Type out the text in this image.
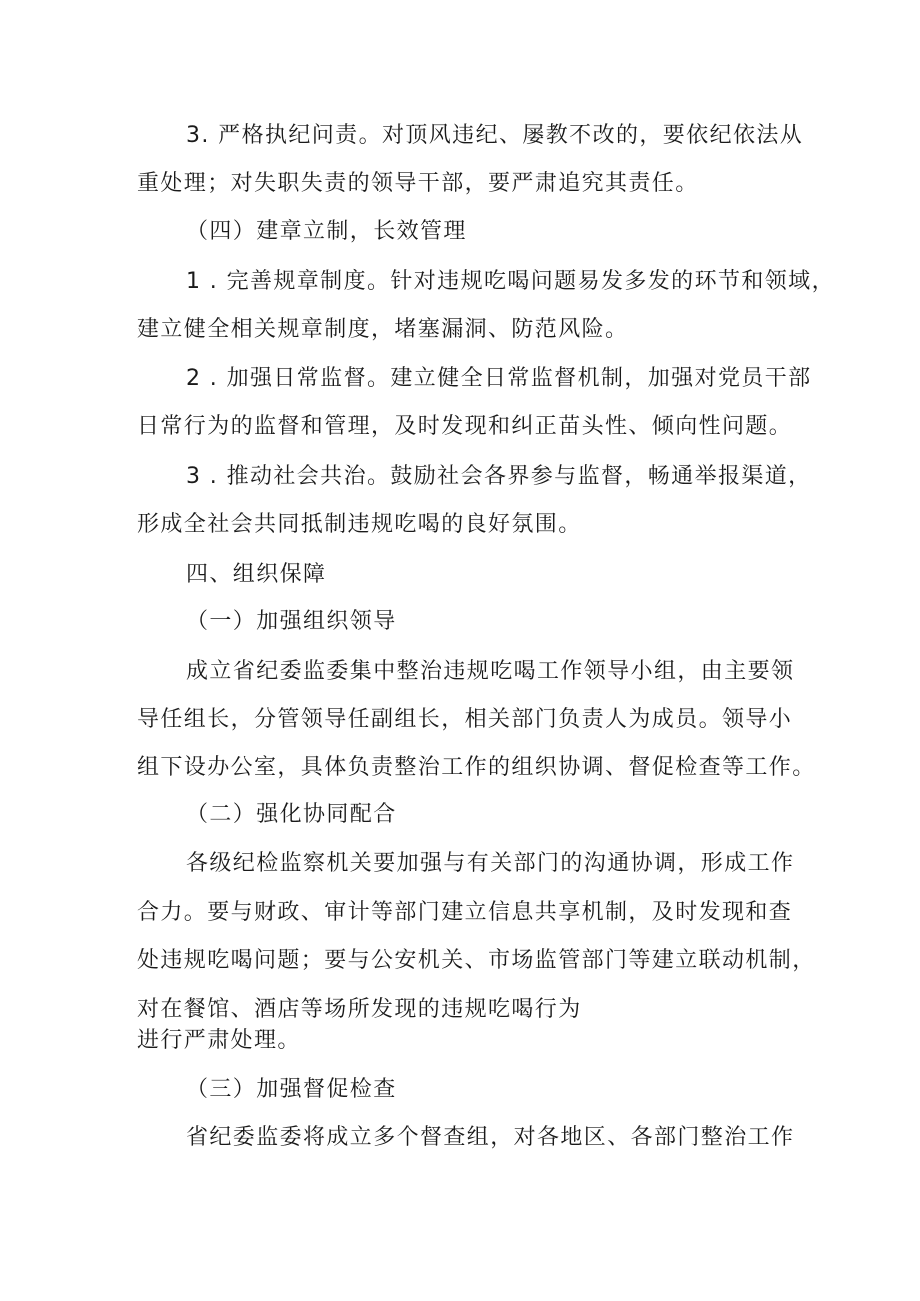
3. 严格执纪问责。对顶风违纪、屡教不改的，要依纪依法从
重处理；对失职失责的领导干部，要严肃追究其责任。
（四）建章立制，长效管理
1 . 完善规章制度。针对违规吃喝问题易发多发的环节和领域，
建立健全相关规章制度，堵塞漏洞、防范风险。
2 . 加强日常监督。建立健全日常监督机制，加强对党员干部
日常行为的监督和管理，及时发现和纠正苗头性、倾向性问题。
3 . 推动社会共治。鼓励社会各界参与监督，畅通举报渠道，
形成全社会共同抵制违规吃喝的良好氛围。
四、组织保障
（一）加强组织领导
成立省纪委监委集中整治违规吃喝工作领导小组，由主要领
导任组长，分管领导任副组长，相关部门负责人为成员。领导小
组下设办公室，具体负责整治工作的组织协调、督促检查等工作。
（二）强化协同配合
各级纪检监察机关要加强与有关部门的沟通协调，形成工作
合力。要与财政、审计等部门建立信息共享机制，及时发现和查
处违规吃喝问题；要与公安机关、市场监管部门等建立联动机制，
对在餐馆、酒店等场所发现的违规吃喝行为
进行严肃处理。
（三）加强督促检查
省纪委监委将成立多个督查组，对各地区、各部门整治工作
